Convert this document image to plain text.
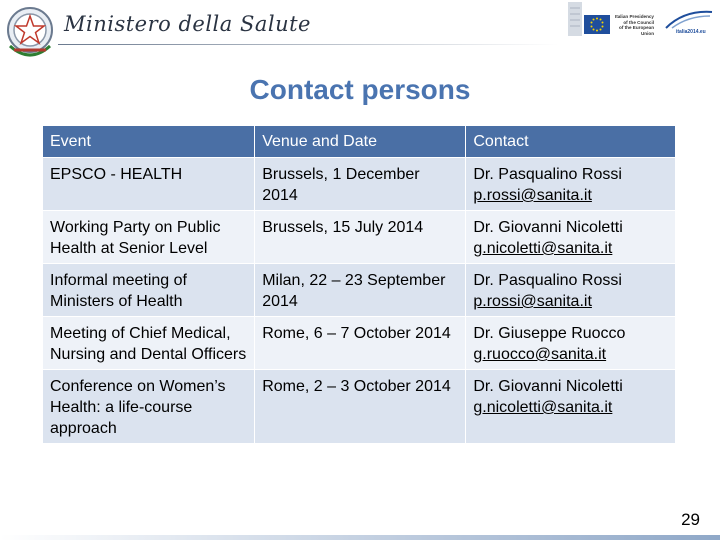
Ministero della Salute	Italian Presidency
of the Council
of the European Union	italia2014.eu
Contact persons
Event	Venue and Date	Contact
EPSCO - HEALTH	Brussels, 1 December 2014	Dr. Pasqualino Rossi
p.rossi@sanita.it

Working Party on Public Health at Senior Level	Brussels, 15 July 2014	Dr. Giovanni Nicoletti
g.nicoletti@sanita.it

Informal meeting of Ministers of Health	Milan, 22 – 23 September 2014	Dr. Pasqualino Rossi
p.rossi@sanita.it

Meeting of Chief Medical, Nursing and Dental Officers	Rome, 6 – 7 October 2014	Dr. Giuseppe Ruocco
g.ruocco@sanita.it

Conference on Women’s Health: a life-course approach	Rome, 2 – 3 October 2014	Dr. Giovanni Nicoletti
g.nicoletti@sanita.it
29
